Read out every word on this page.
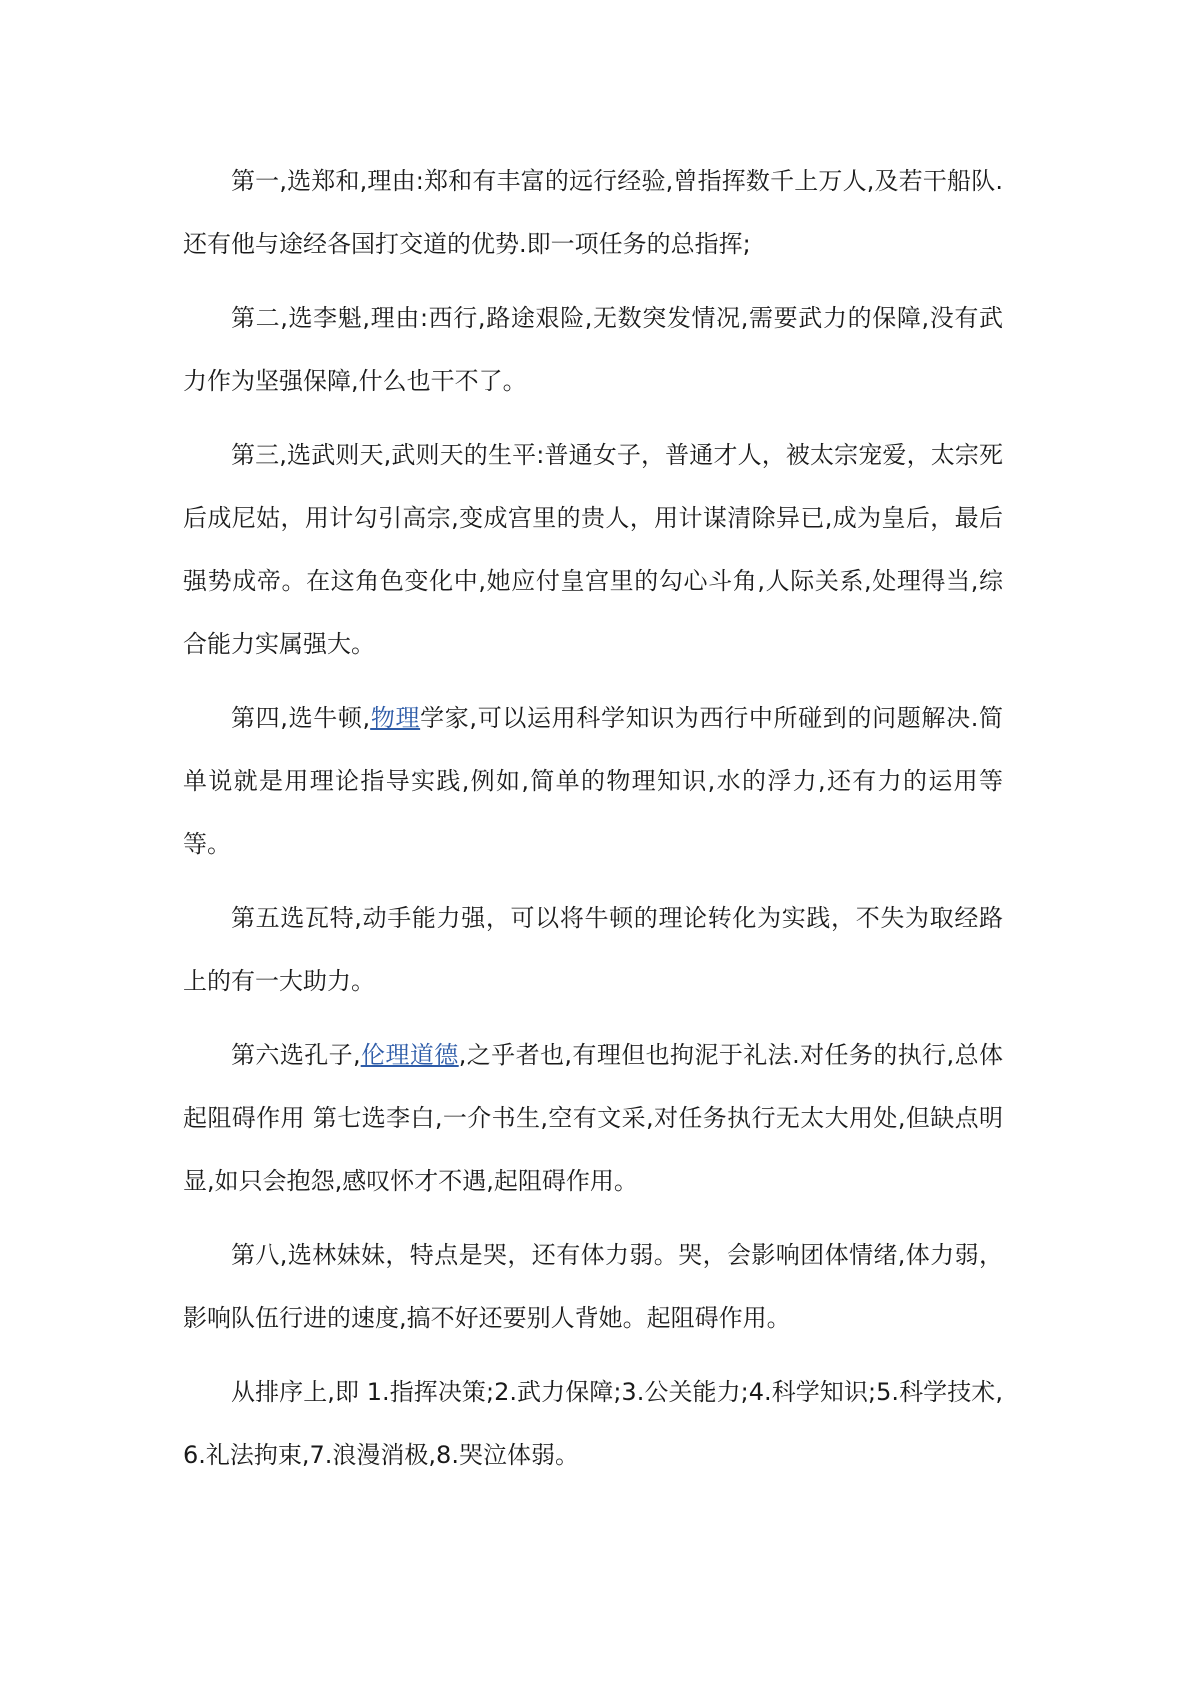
第一,选郑和,理由:郑和有丰富的远行经验,曾指挥数千上万人,及若干船队.还有他与途经各国打交道的优势.即一项任务的总指挥;

第二,选李魁,理由:西行,路途艰险,无数突发情况,需要武力的保障,没有武力作为坚强保障,什么也干不了。

第三,选武则天,武则天的生平:普通女子，普通才人，被太宗宠爱，太宗死后成尼姑，用计勾引高宗,变成宫里的贵人，用计谋清除异已,成为皇后，最后强势成帝。在这角色变化中,她应付皇宫里的勾心斗角,人际关系,处理得当,综合能力实属强大。

第四,选牛顿,物理学家,可以运用科学知识为西行中所碰到的问题解决.简单说就是用理论指导实践,例如,简单的物理知识,水的浮力,还有力的运用等等。

第五选瓦特,动手能力强，可以将牛顿的理论转化为实践，不失为取经路上的有一大助力。

第六选孔子,伦理道德,之乎者也,有理但也拘泥于礼法.对任务的执行,总体起阻碍作用 第七选李白,一介书生,空有文采,对任务执行无太大用处,但缺点明显,如只会抱怨,感叹怀才不遇,起阻碍作用。

第八,选林妹妹，特点是哭，还有体力弱。哭，会影响团体情绪,体力弱，影响队伍行进的速度,搞不好还要别人背她。起阻碍作用。

从排序上,即 1.指挥决策;2.武力保障;3.公关能力;4.科学知识;5.科学技术,6.礼法拘束,7.浪漫消极,8.哭泣体弱。
